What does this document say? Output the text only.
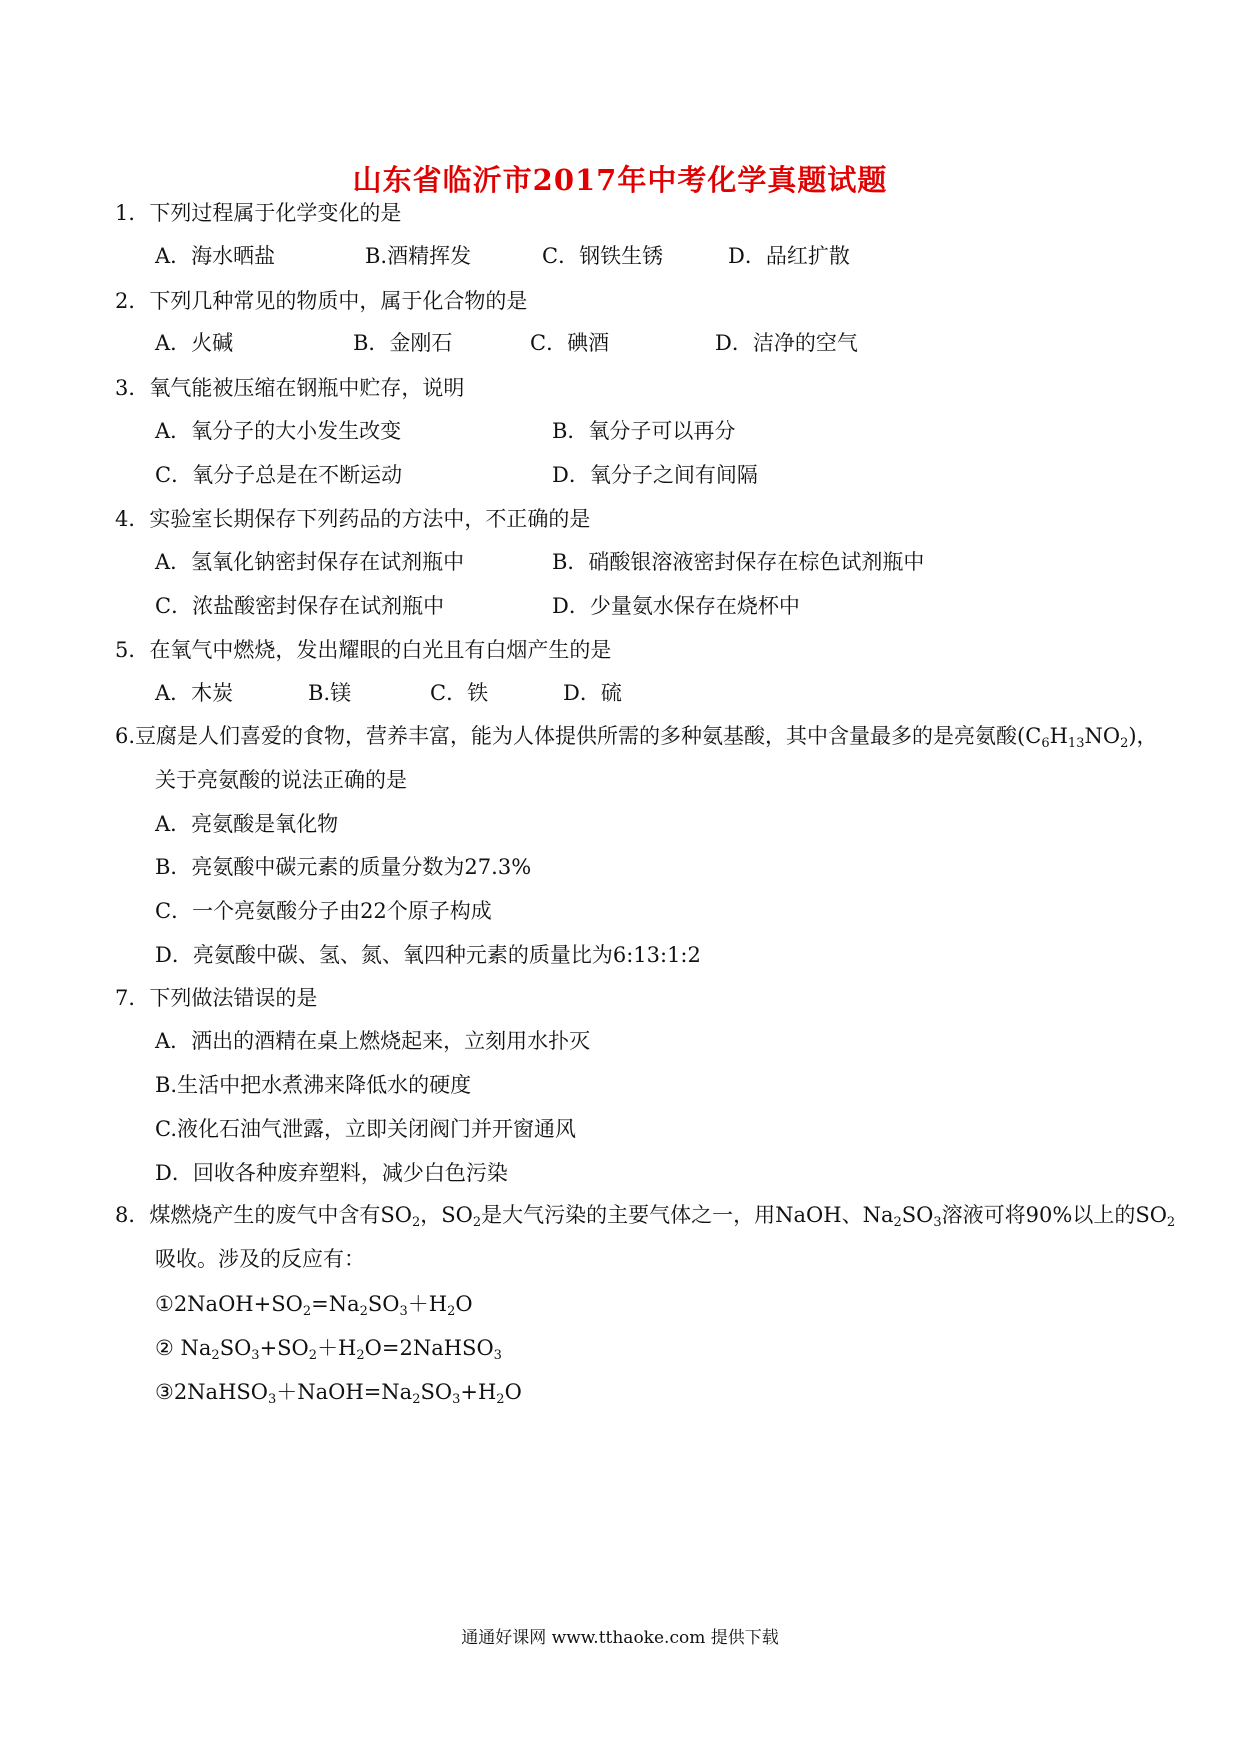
山东省临沂市2017年中考化学真题试题
1．下列过程属于化学变化的是
A．海水晒盐	B.酒精挥发	C．钢铁生锈	D．品红扩散
2．下列几种常见的物质中，属于化合物的是
A．火碱	B．金刚石	C．碘酒	D．洁净的空气
3．氧气能被压缩在钢瓶中贮存，说明
A．氧分子的大小发生改变	B．氧分子可以再分
C．氧分子总是在不断运动	D．氧分子之间有间隔
4．实验室长期保存下列药品的方法中，不正确的是
A．氢氧化钠密封保存在试剂瓶中	B．硝酸银溶液密封保存在棕色试剂瓶中
C．浓盐酸密封保存在试剂瓶中	D．少量氨水保存在烧杯中
5．在氧气中燃烧，发出耀眼的白光且有白烟产生的是
A．木炭	B.镁	C．铁	D．硫
6.豆腐是人们喜爱的食物，营养丰富，能为人体提供所需的多种氨基酸，其中含量最多的是亮氨酸$(C_6H_{13}NO_2)$，
关于亮氨酸的说法正确的是
A．亮氨酸是氧化物
B．亮氨酸中碳元素的质量分数为27.3%
C．一个亮氨酸分子由22个原子构成
D．亮氨酸中碳、氢、氮、氧四种元素的质量比为6:13:1:2
7．下列做法错误的是
A．洒出的酒精在桌上燃烧起来，立刻用水扑灭
B.生活中把水煮沸来降低水的硬度
C.液化石油气泄露，立即关闭阀门并开窗通风
D．回收各种废弃塑料，减少白色污染
8．煤燃烧产生的废气中含有$SO_2$，$SO_2$是大气污染的主要气体之一，用NaOH、$Na_2SO_3$溶液可将90%以上的$SO_2$
吸收。涉及的反应有：
$①2NaOH+SO_2=Na_2SO_3+H_2O$
② $Na_2SO_3+SO_2+H_2O=2NaHSO_3$
$③2NaHSO_3+NaOH=Na_2SO_3+H_2O$
通通好课网 www.tthaoke.com 提供下载
